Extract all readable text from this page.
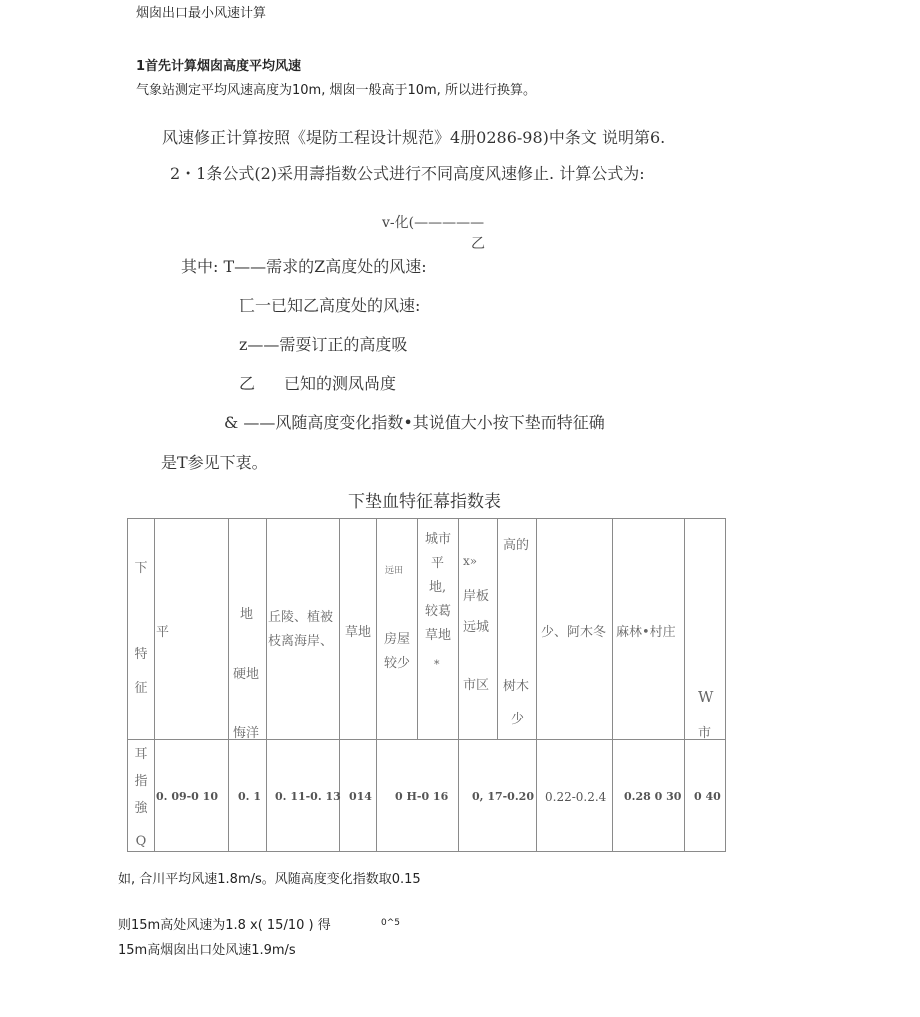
烟囱出口最小风速计算
1首先计算烟囱高度平均风速
气象站测定平均风速高度为10m, 烟囱一般高于10m, 所以进行换算。
风速修正计算按照《堤防工程设计规范》4册0286-98)中条文 说明第6.
2・1条公式(2)采用壽指数公式进行不同高度风速修止. 计算公式为:
v-化(—————
乙
其中: T——需求的Z高度处的风速:
匸一已知乙高度处的风速:
z——需耍订正的高度吸
乙 已知的测凤咼度
& ——风随高度变化指数•其说值大小按下垫而特征确
是T参见下衷。
下垫血特征幕指数表
下
特
征
平
地
硬地
悔洋
丘陵、植被
枝离海岸、
草地
远田
房屋
较少
城市
平
地,
较葛
草地
*
x»
岸板
远城
市区
高的
树木
少
少、阿木冬 麻林•村庄
W
市
耳
指
強
Q
0. 09-0 10 0. 1 0. 11-0. 13 014 0 H-0 16 0, 17-0.20 0.22-0.2.4 0.28 0 30 0 40
如, 合川平均风速1.8m/s。风随高度变化指数取0.15
则15m高处风速为1.8 x( 15/10 ) 得	0^5
15m高烟囱出口处风速1.9m/s
